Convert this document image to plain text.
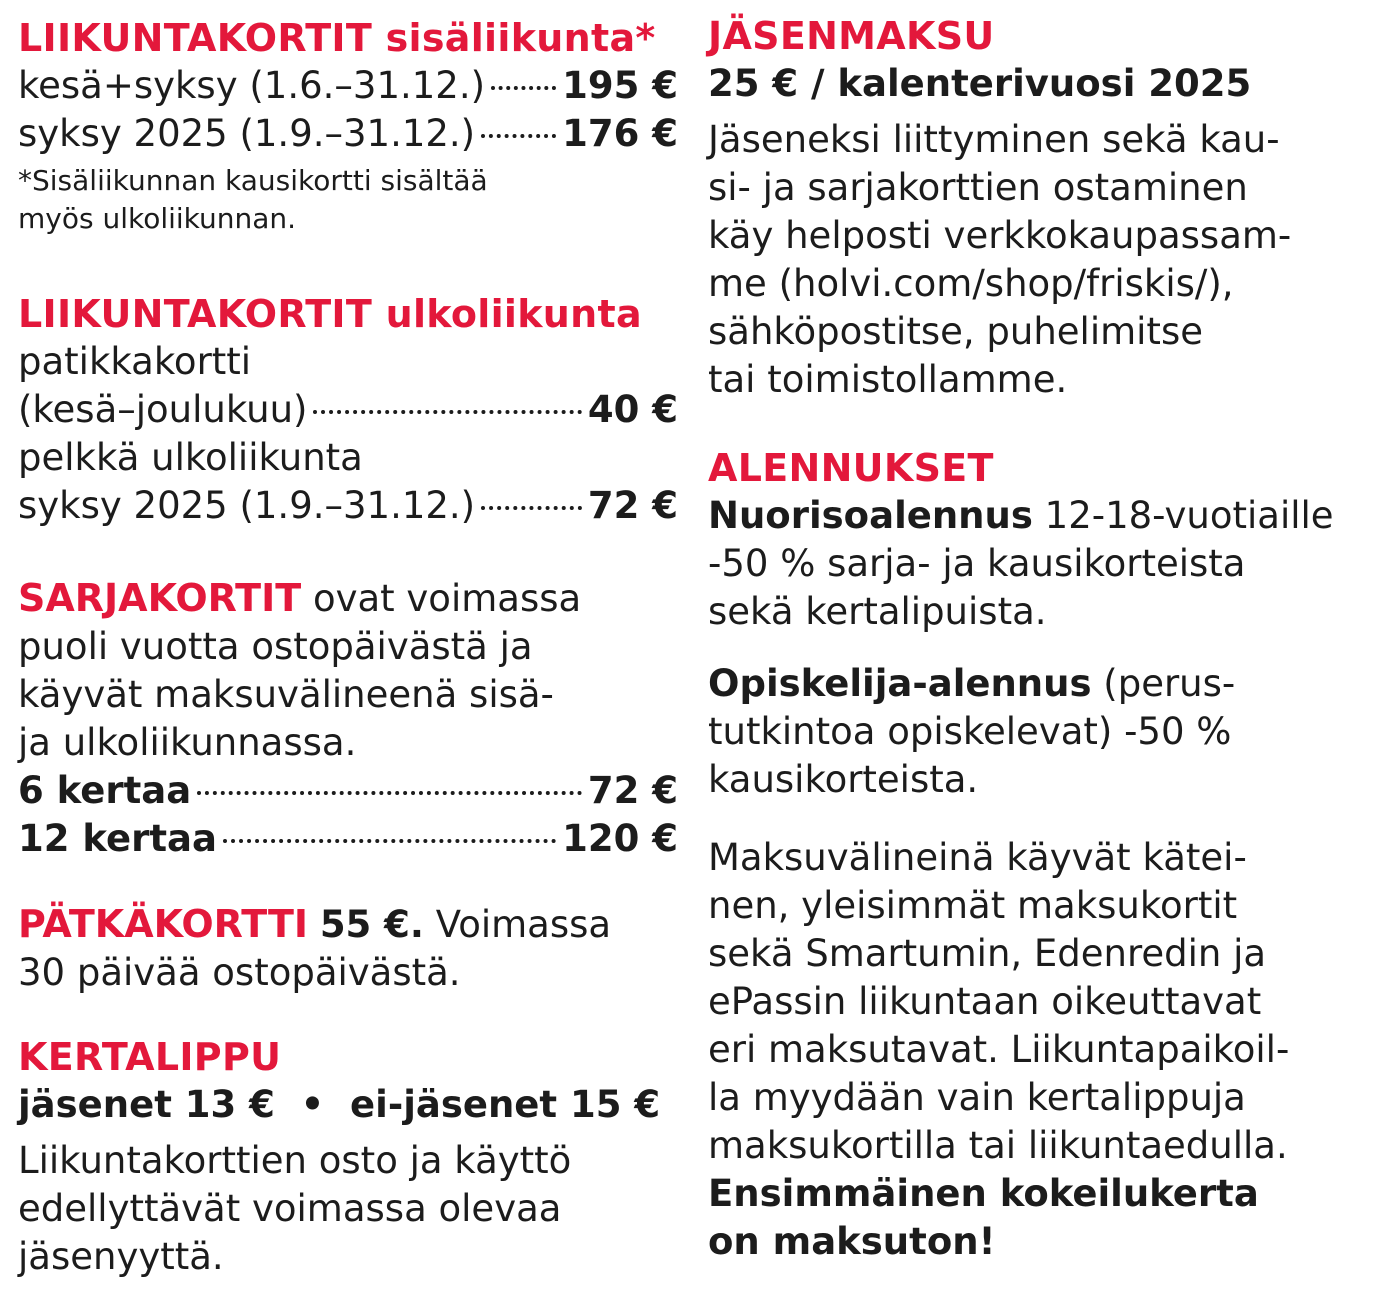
LIIKUNTAKORTIT sisäliikunta*

kesä+syksy (1.6.–31.12.) 195 €
syksy 2025 (1.9.–31.12.) 176 €

*Sisäliikunnan kausikortti sisältää

myös ulkoliikunnan.

LIIKUNTAKORTIT ulkoliikunta

patikkakortti

(kesä–joulukuu)	40 €

pelkkä ulkoliikunta

syksy 2025 (1.9.–31.12.)	72 €

SARJAKORTIT ovat voimassa

puoli vuotta ostopäivästä ja

käyvät maksuvälineenä sisä-

ja ulkoliikunnassa.

6 kertaa	72 €
12 kertaa	120 €

PÄTKÄKORTTI 55 €. Voimassa

30 päivää ostopäivästä.

KERTALIPPU

jäsenet 13 €  •  ei-jäsenet 15 €

Liikuntakorttien osto ja käyttö

edellyttävät voimassa olevaa

jäsenyyttä.

JÄSENMAKSU

25 € / kalenterivuosi 2025

Jäseneksi liittyminen sekä kau-

si- ja sarjakorttien ostaminen

käy helposti verkkokaupassam-

me (holvi.com/shop/friskis/),

sähköpostitse, puhelimitse

tai toimistollamme.

ALENNUKSET

Nuorisoalennus 12-18-vuotiaille

-50 % sarja- ja kausikorteista

sekä kertalipuista.

Opiskelija-alennus (perus-

tutkintoa opiskelevat) -50 %

kausikorteista.

Maksuvälineinä käyvät kätei-

nen, yleisimmät maksukortit

sekä Smartumin, Edenredin ja

ePassin liikuntaan oikeuttavat

eri maksutavat. Liikuntapaikoil-

la myydään vain kertalippuja

maksukortilla tai liikuntaedulla.

Ensimmäinen kokeilukerta

on maksuton!
